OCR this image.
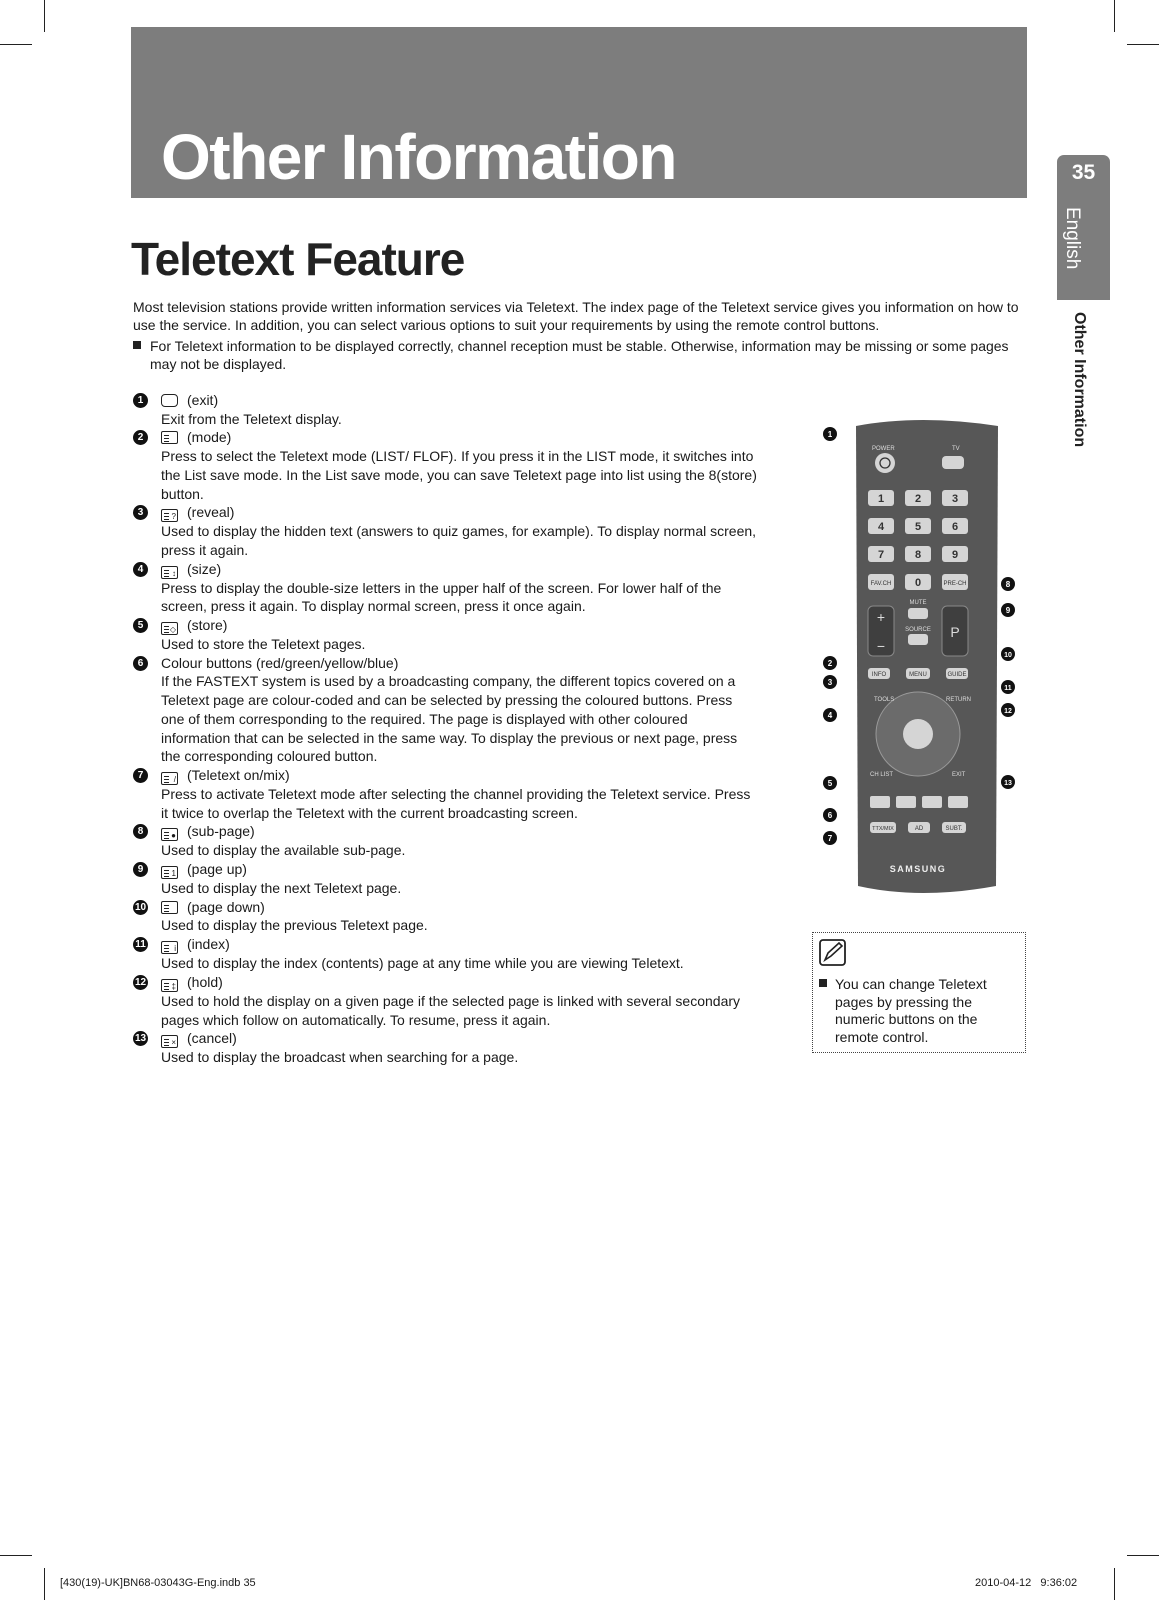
Other Information	35
English
Other Information
Teletext Feature

Most television stations provide written information services via Teletext. The index page of the Teletext service gives you information on how to use the service. In addition, you can select various options to suit your requirements by using the remote control buttons.

For Teletext information to be displayed correctly, channel reception must be stable. Otherwise, information may be missing or some pages may not be displayed.
1	(exit)
Exit from the Teletext display.
2	(mode)
Press to select the Teletext mode (LIST/ FLOF). If you press it in the LIST mode, it switches into the List save mode. In the List save mode, you can save Teletext page into list using the 8(store) button.
3	? (reveal)
Used to display the hidden text (answers to quiz games, for example). To display normal screen, press it again.
4	↕ (size)
Press to display the double-size letters in the upper half of the screen. For lower half of the screen, press it again. To display normal screen, press it once again.
5	◇ (store)
Used to store the Teletext pages.
6	Colour buttons (red/green/yellow/blue)
If the FASTEXT system is used by a broadcasting company, the different topics covered on a Teletext page are colour-coded and can be selected by pressing the coloured buttons. Press one of them corresponding to the required. The page is displayed with other coloured information that can be selected in the same way. To display the previous or next page, press the corresponding coloured button.
7	/ (Teletext on/mix)
Press to activate Teletext mode after selecting the channel providing the Teletext service. Press it twice to overlap the Teletext with the current broadcasting screen.
8	● (sub-page)
Used to display the available sub-page.
9	1 (page up)
Used to display the next Teletext page.
10	(page down)
Used to display the previous Teletext page.
11	i (index)
Used to display the index (contents) page at any time while you are viewing Teletext.
12	‡ (hold)
Used to hold the display on a given page if the selected page is linked with several secondary pages which follow on automatically. To resume, press it again.
13	× (cancel)
Used to display the broadcast when searching for a page.
POWER	TV
1	2	3
4	5	6
7	8	9
0
FAV.CH	PRE-CH
+
−
MUTE
SOURCE P
INFO	MENU	GUIDE
TOOLS	RETURN
CH LIST	EXIT
TTX/MIX	AD	SUBT.
SAMSUNG
1
2
3
4
5
6
7
8
9
10
11
12
13
You can change Teletext pages by pressing the numeric buttons on the remote control.
[430(19)-UK]BN68-03043G-Eng.indb 35	2010-04-12   9:36:02
